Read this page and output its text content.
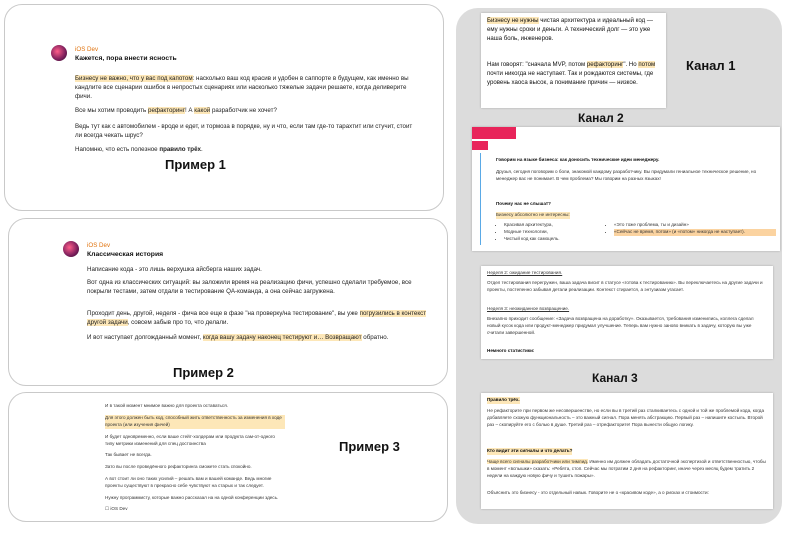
iOS Dev
Кажется, пора внести ясность

Бизнесу не важно, что у вас под капотом: насколько ваш код красив и удобен в саппорте в будущем, как именно вы кандлите все сценарии ошибок в непростых сценариях или насколько тяжелые задачи решаете, когда деливерите фичи.

Все мы хотим проводить рефакторинг! А какой разработчик не хочет?

Ведь тут как с автомобилем - вроде и едет, и тормоза в порядке, ну и что, если там где-то тарахтит или стучит, стоит ли всегда чекать шрус?

Напомню, что есть полезное правило трёх.

Пример 1
iOS Dev
Классическая история

Написание кода - это лишь верхушка айсберга наших задач.

Вот одна из классических ситуаций: вы заложили время на реализацию фичи, успешно сделали требуемое, все покрыли тестами, затем отдали в тестирование QA-команда, а она сейчас загружена.

Проходит день, другой, неделя - фича все еще в фазе "на проверку/на тестирование", вы уже погрузились в контекст другой задачи, совсем забыв про то, что делали.

И вот наступает долгожданный момент, когда вашу задачу наконец тестируют и… Возвращают обратно.

Пример 2
И в такой момент мнимое важно для проекта оставаться.
Для этого должен быть код, способный жить ответственность за изменения в ходе проекта (или изучения фичей)
И будет одновременно, если ваше стейт-холдерам или продукта сам-от-одного типу метрики изменений для спец достоинства
Так бывает не всегда.
Зато вы после проведённого рефакторинга сможете стать спокойно.
А вот стоит ли оно таких усилий – решать вам и вашей команде. Ведь многие проекты существуют в прекрасно себе чувствуют на старых и так следует.
Нужну программисту, которые важно рассказал на на одной конференции здесь.
☐ iOS Dev
Пример 3

Бизнесу не нужны чистая архитектура и идеальный код — ему нужны сроки и деньги. А технический долг — это уже наша боль, инженеров.

Нам говорят: "сначала MVP, потом рефакторинг". Но потом почти никогда не наступает. Так и рождаются системы, где уровень хаоса высок, а понимание причин — низкое.

Канал 1
Канал 2
Говорим на языке бизнеса: как доносить технические идеи менеджеру.
Друзья, сегодня поговорим о боли, знакомой каждому разработчику. Вы придумали гениальное техническое решение, но менеджер вас не понимает. В чем проблема? Мы говорим на разных языках!
Почему нас не слышат?
Бизнесу абсолютно не интересны:
• Красивая архитектура,
• Модные технологии,
• Чистый код как самоцель.
• «Это тоже проблема, ты и дизайн»
• «Сейчас не время, потом» (и «потом» никогда не наступает).
Неделя 2: ожидание тестирования.
Отдел тестирования перегружен, ваша задача висит в статусе «готова к тестированию». Вы переключаетесь на другие задачи и проекты, постепенно забывая детали реализации. Контекст стирается, а энтузиазм угасает.
Неделя 3: неожиданное возвращение.
Внезапно приходит сообщение: «Задача возвращена на доработку». Оказывается, требования изменились, коллега сделал новый кусок кода или продукт-менеджер придумал улучшение. Теперь вам нужно заново вникать в задачу, которую вы уже считали завершенной.
Немного статистики:
Канал 3
Правило трёх.
Не рефакторите при первом же несовершенстве, но если вы в третий раз сталкиваетесь с одной и той же проблемой кода, когда добавляете схожую функциональность – это важный сигнал. Пора менять абстракцию. Первый раз – напишите костыль. Второй раз – скопируйте его с болью в душе. Третий раз – отрефакторите! Пора вынести общую логику.
Кто видит эти сигналы и что делать?
Чаще всего сигналы разработчики или тимлид. Именно им должен обладать достаточной экспертизой и ответственностью, чтобы в момент «вспышки» сказать: «Ребята, стоп. Сейчас мы потратим 2 дня на рефакторинг, иначе через месяц будем тратить 2 недели на каждую новую фичу и тушить пожары».
Объяснить это бизнесу - это отдельный навык. Говорите не о «красивом коде», а о рисках и стоимости:
